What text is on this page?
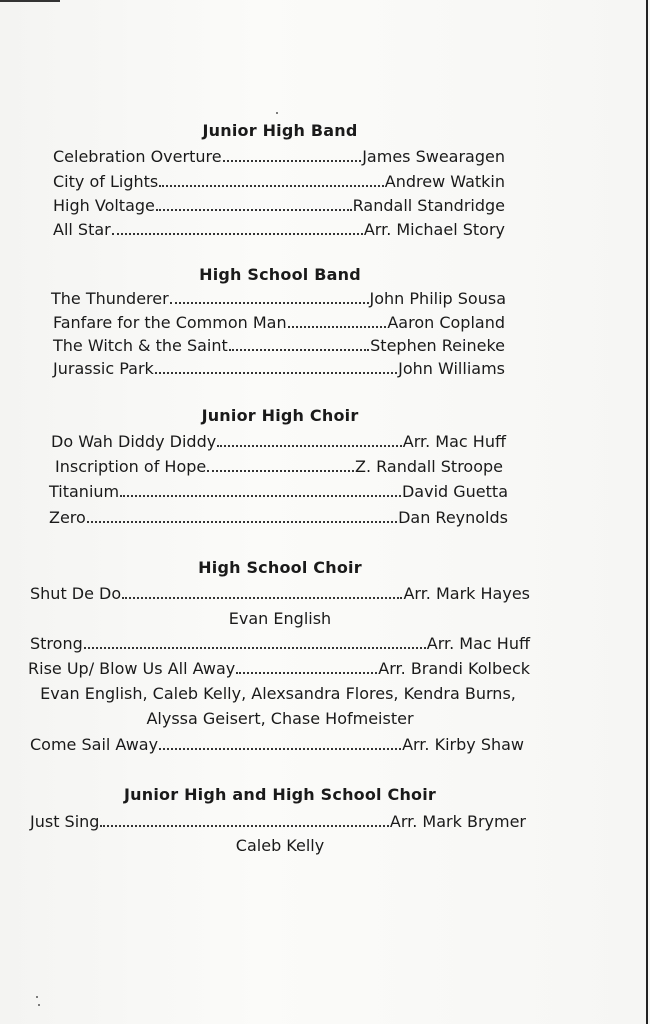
Junior High Band
Celebration Overture	James Swearagen
City of Lights	Andrew Watkin
High Voltage	Randall Standridge
All Star	Arr. Michael Story
High School Band
The Thunderer	John Philip Sousa
Fanfare for the Common Man	Aaron Copland
The Witch & the Saint	Stephen Reineke
Jurassic Park	John Williams
Junior High Choir
Do Wah Diddy Diddy	Arr. Mac Huff
Inscription of Hope	Z. Randall Stroope
Titanium	David Guetta
Zero	Dan Reynolds
High School Choir
Shut De Do	Arr. Mark Hayes
Evan English
Strong	Arr. Mac Huff
Rise Up/ Blow Us All Away	Arr. Brandi Kolbeck
Evan English, Caleb Kelly, Alexsandra Flores, Kendra Burns,
Alyssa Geisert, Chase Hofmeister
Come Sail Away	Arr. Kirby Shaw
Junior High and High School Choir
Just Sing	Arr. Mark Brymer
Caleb Kelly
